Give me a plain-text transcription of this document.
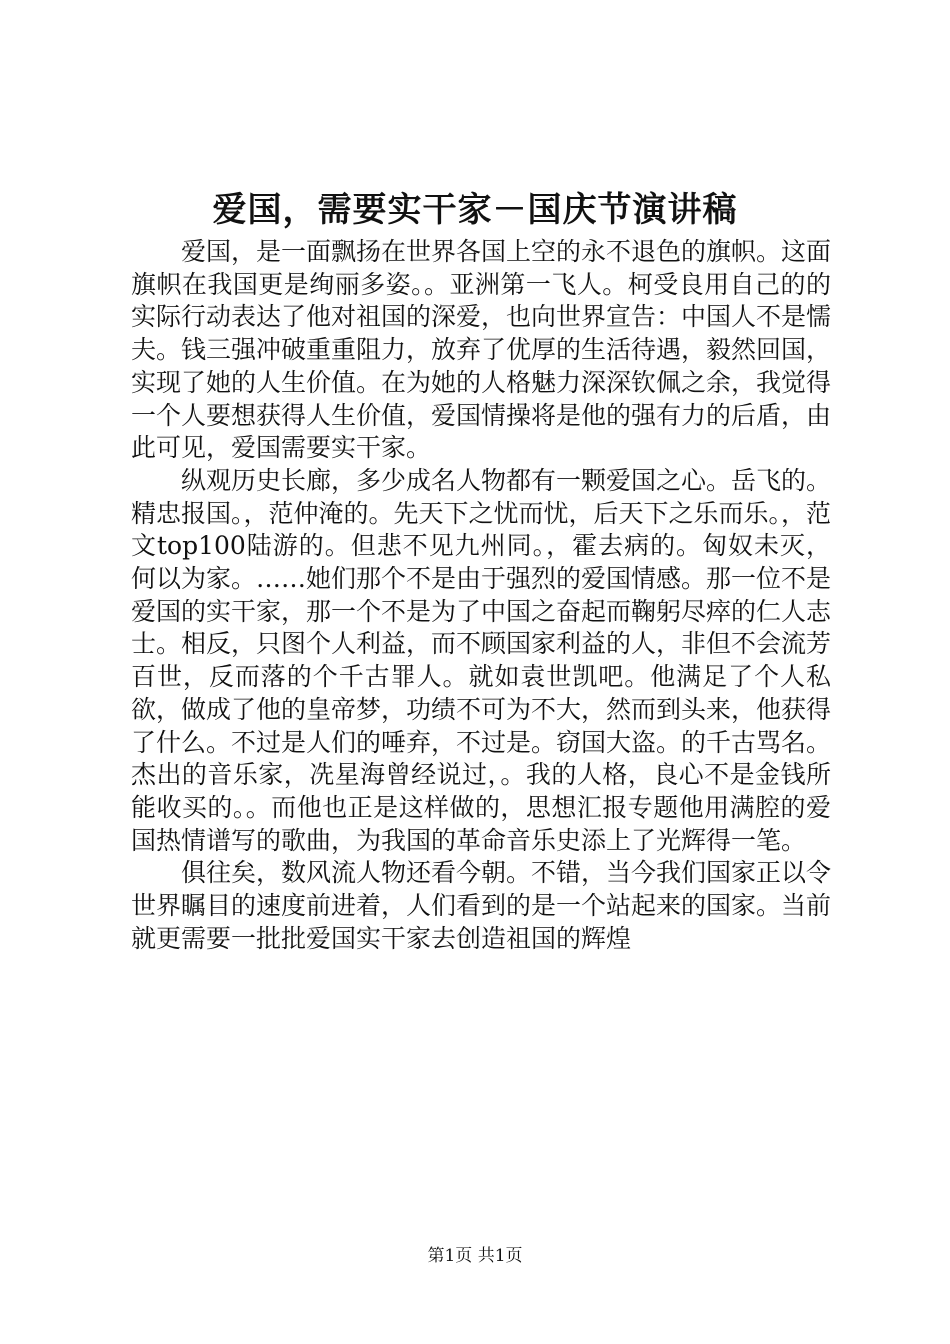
爱国，需要实干家－国庆节演讲稿

爱国，是一面飘扬在世界各国上空的永不退色的旗帜。这面旗帜在我国更是绚丽多姿。。亚洲第一飞人。柯受良用自己的的实际行动表达了他对祖国的深爱，也向世界宣告：中国人不是懦夫。钱三强冲破重重阻力，放弃了优厚的生活待遇，毅然回国，实现了她的人生价值。在为她的人格魅力深深钦佩之余，我觉得一个人要想获得人生价值，爱国情操将是他的强有力的后盾，由此可见，爱国需要实干家。

纵观历史长廊，多少成名人物都有一颗爱国之心。岳飞的。精忠报国。，范仲淹的。先天下之忧而忧，后天下之乐而乐。，范文top100陆游的。但悲不见九州同。，霍去病的。匈奴未灭，何以为家。……她们那个不是由于强烈的爱国情感。那一位不是爱国的实干家，那一个不是为了中国之奋起而鞠躬尽瘁的仁人志士。相反，只图个人利益，而不顾国家利益的人，非但不会流芳百世，反而落的个千古罪人。就如袁世凯吧。他满足了个人私欲，做成了他的皇帝梦，功绩不可为不大，然而到头来，他获得了什么。不过是人们的唾弃，不过是。窃国大盗。的千古骂名。杰出的音乐家，冼星海曾经说过，。我的人格，良心不是金钱所能收买的。。而他也正是这样做的，思想汇报专题他用满腔的爱国热情谱写的歌曲，为我国的革命音乐史添上了光辉得一笔。

俱往矣，数风流人物还看今朝。不错，当今我们国家正以令世界瞩目的速度前进着，人们看到的是一个站起来的国家。当前就更需要一批批爱国实干家去创造祖国的辉煌

第1页 共1页
